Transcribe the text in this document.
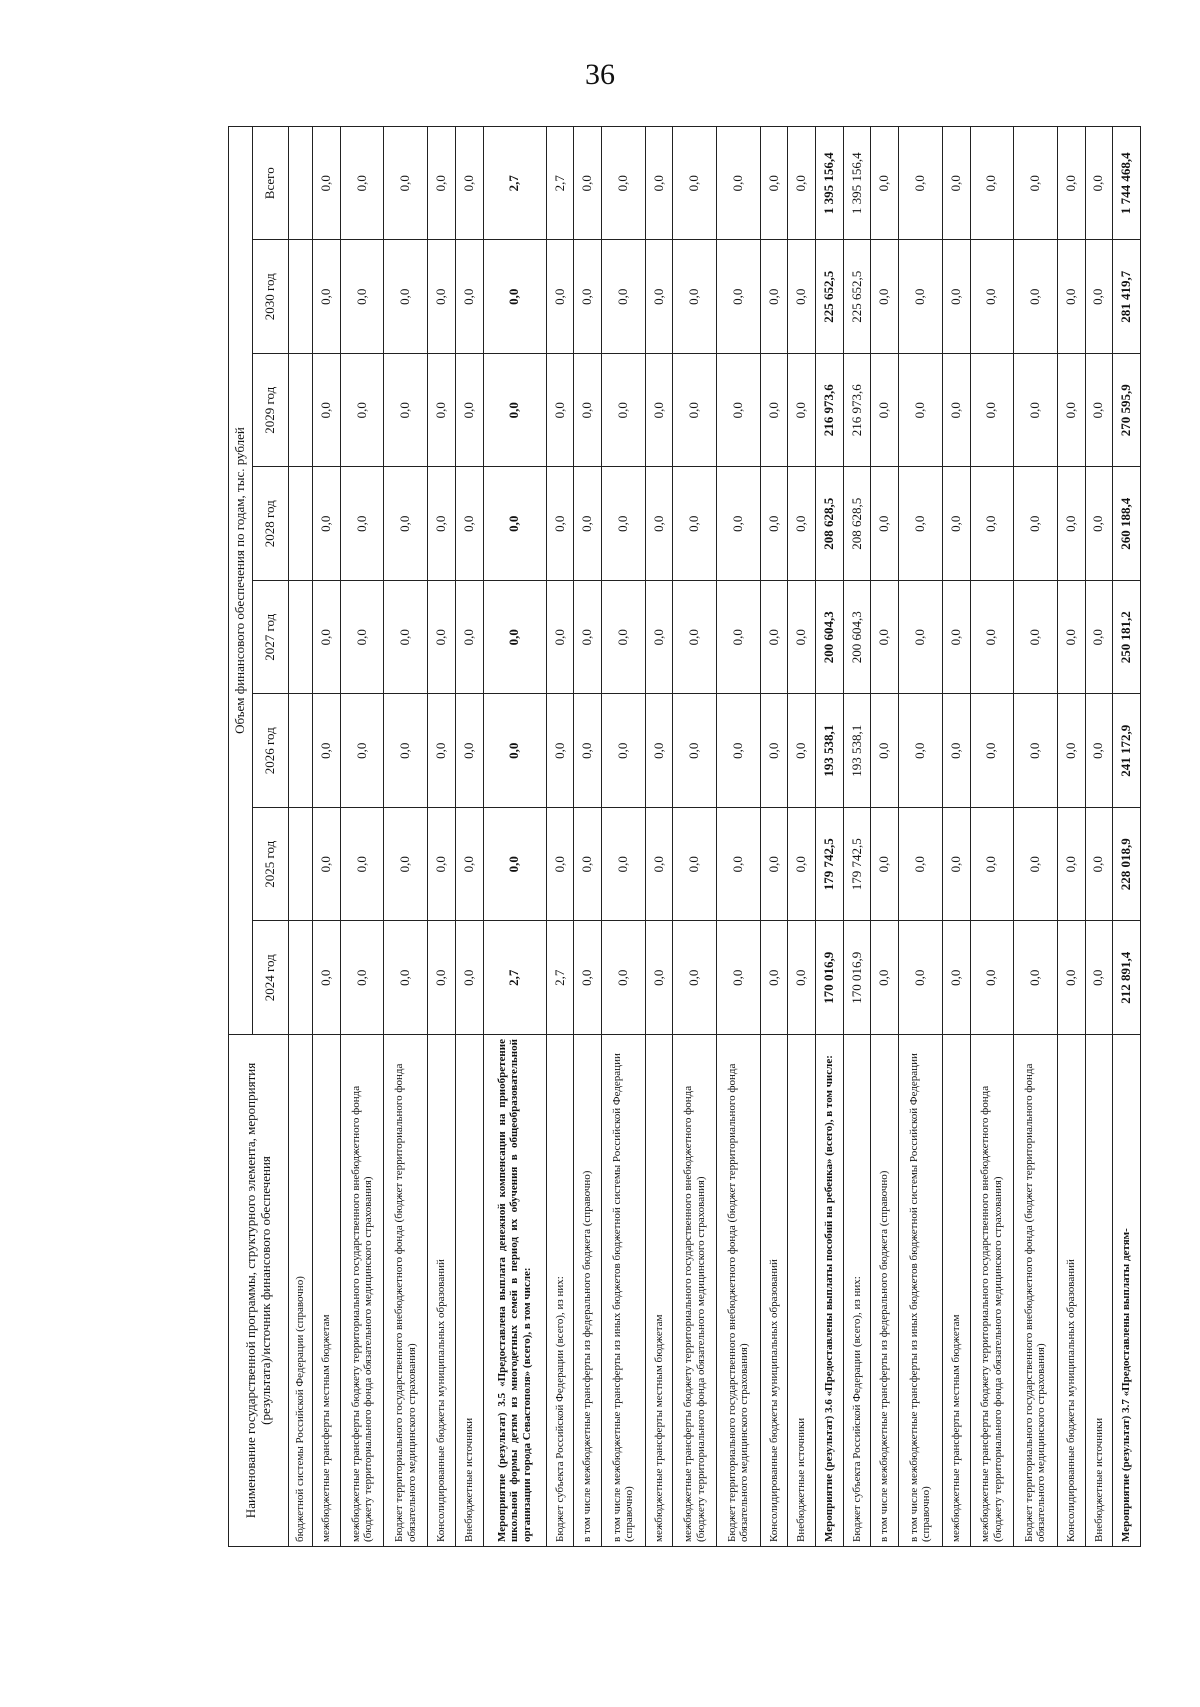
36
Наименование государственной программы, структурного элемента, мероприятия (результата)/источник финансового обеспечения	Объем финансового обеспечения по годам, тыс. рублей							
	2024 год	2025 год	2026 год	2027 год	2028 год	2029 год	2030 год	Всего
бюджетной системы Российской Федерации (справочно)								
межбюджетные трансферты местным бюджетам	0,0	0,0	0,0	0,0	0,0	0,0	0,0	0,0
межбюджетные трансферты бюджету территориального государственного внебюджетного фонда (бюджету территориального фонда обязательного медицинского страхования)	0,0	0,0	0,0	0,0	0,0	0,0	0,0	0,0
Бюджет территориального государственного внебюджетного фонда (бюджет территориального фонда обязательного медицинского страхования)	0,0	0,0	0,0	0,0	0,0	0,0	0,0	0,0
Консолидированные бюджеты муниципальных образований	0,0	0,0	0,0	0,0	0,0	0,0	0,0	0,0
Внебюджетные источники	0,0	0,0	0,0	0,0	0,0	0,0	0,0	0,0
Мероприятие (результат) 3.5 «Предоставлена выплата денежной компенсации на приобретение школьной формы детям из многодетных семей в период их обучения в общеобразовательной организации города Севастополя» (всего), в том числе:	2,7	0,0	0,0	0,0	0,0	0,0	0,0	2,7
Бюджет субъекта Российской Федерации (всего), из них:	2,7	0,0	0,0	0,0	0,0	0,0	0,0	2,7
в том числе межбюджетные трансферты из федерального бюджета (справочно)	0,0	0,0	0,0	0,0	0,0	0,0	0,0	0,0
в том числе межбюджетные трансферты из иных бюджетов бюджетной системы Российской Федерации (справочно)	0,0	0,0	0,0	0,0	0,0	0,0	0,0	0,0
межбюджетные трансферты местным бюджетам	0,0	0,0	0,0	0,0	0,0	0,0	0,0	0,0
межбюджетные трансферты бюджету территориального государственного внебюджетного фонда (бюджету территориального фонда обязательного медицинского страхования)	0,0	0,0	0,0	0,0	0,0	0,0	0,0	0,0
Бюджет территориального государственного внебюджетного фонда (бюджет территориального фонда обязательного медицинского страхования)	0,0	0,0	0,0	0,0	0,0	0,0	0,0	0,0
Консолидированные бюджеты муниципальных образований	0,0	0,0	0,0	0,0	0,0	0,0	0,0	0,0
Внебюджетные источники	0,0	0,0	0,0	0,0	0,0	0,0	0,0	0,0
Мероприятие (результат) 3.6 «Предоставлены выплаты пособий на ребенка» (всего), в том числе:	170 016,9	179 742,5	193 538,1	200 604,3	208 628,5	216 973,6	225 652,5	1 395 156,4
Бюджет субъекта Российской Федерации (всего), из них:	170 016,9	179 742,5	193 538,1	200 604,3	208 628,5	216 973,6	225 652,5	1 395 156,4
в том числе межбюджетные трансферты из федерального бюджета (справочно)	0,0	0,0	0,0	0,0	0,0	0,0	0,0	0,0
в том числе межбюджетные трансферты из иных бюджетов бюджетной системы Российской Федерации (справочно)	0,0	0,0	0,0	0,0	0,0	0,0	0,0	0,0
межбюджетные трансферты местным бюджетам	0,0	0,0	0,0	0,0	0,0	0,0	0,0	0,0
межбюджетные трансферты бюджету территориального государственного внебюджетного фонда (бюджету территориального фонда обязательного медицинского страхования)	0,0	0,0	0,0	0,0	0,0	0,0	0,0	0,0
Бюджет территориального государственного внебюджетного фонда (бюджет территориального фонда обязательного медицинского страхования)	0,0	0,0	0,0	0,0	0,0	0,0	0,0	0,0
Консолидированные бюджеты муниципальных образований	0,0	0,0	0,0	0,0	0,0	0,0	0,0	0,0
Внебюджетные источники	0,0	0,0	0,0	0,0	0,0	0,0	0,0	0,0
Мероприятие (результат) 3.7 «Предоставлены выплаты детям-	212 891,4	228 018,9	241 172,9	250 181,2	260 188,4	270 595,9	281 419,7	1 744 468,4
